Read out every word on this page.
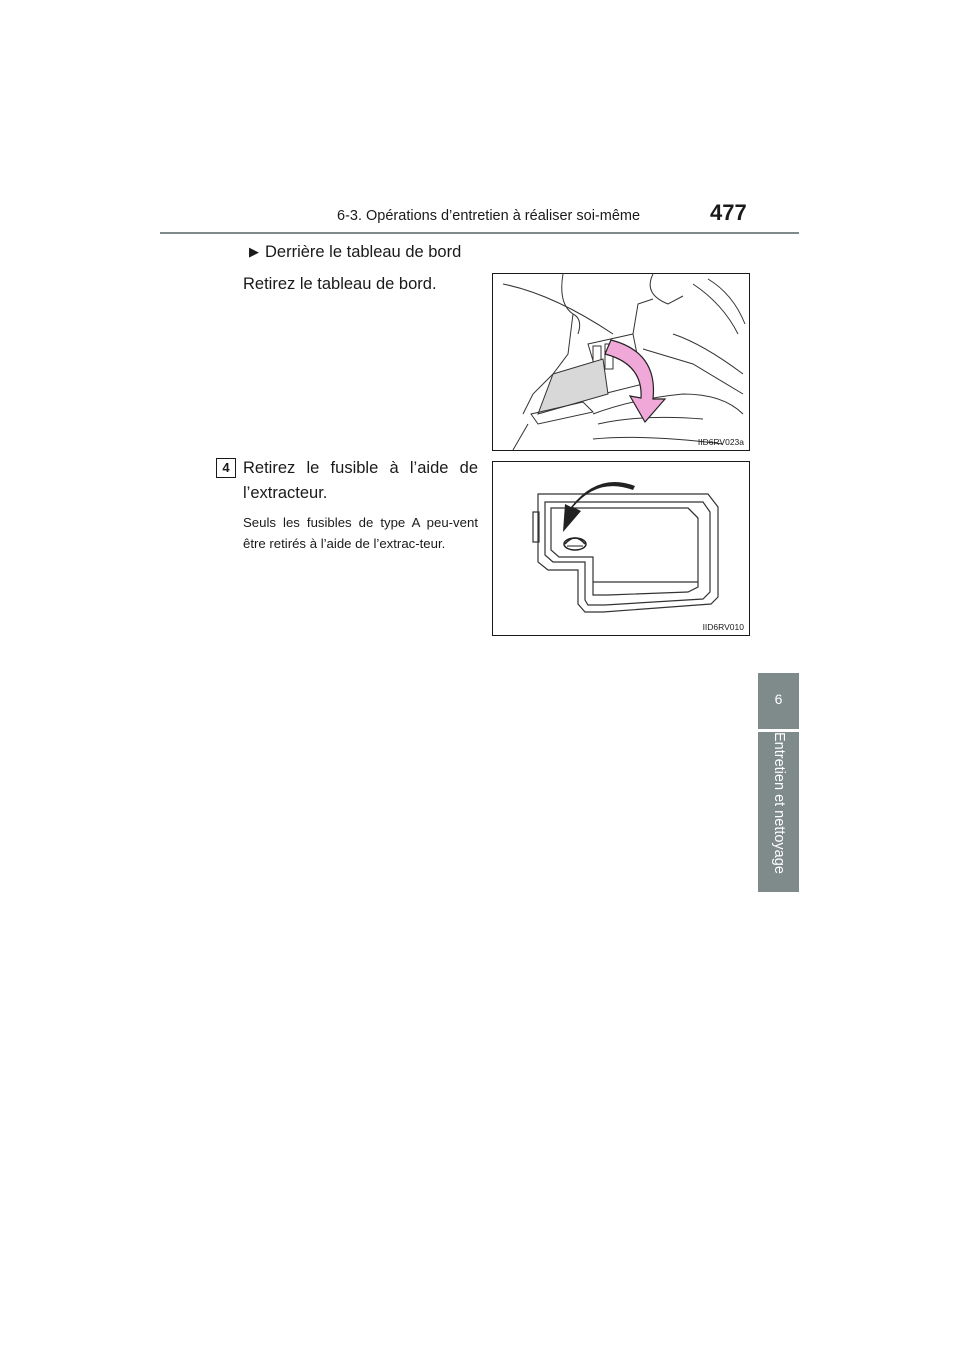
6-3. Opérations d’entretien à réaliser soi-même	477
6
Entretien et nettoyage
▶ Derrière le tableau de bord
Retirez le tableau de bord.
4 Retirez le fusible à l’aide de l’extracteur.
Seuls les fusibles de type A peu-vent être retirés à l’aide de l’extrac-teur.
IID6RV023a
IID6RV010
